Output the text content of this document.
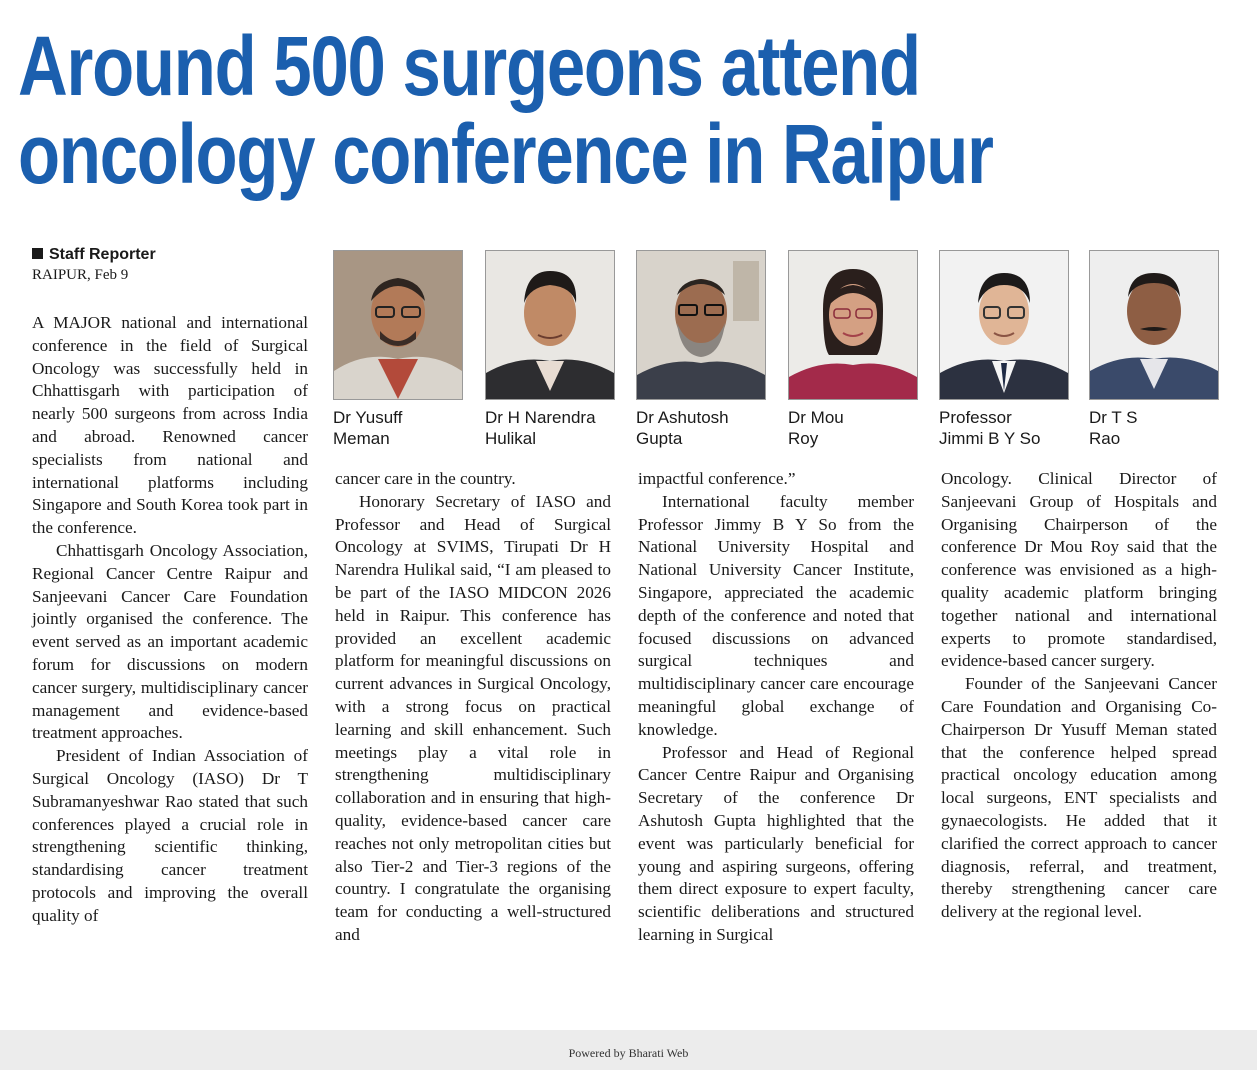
Around 500 surgeons attend
oncology conference in Raipur
Staff Reporter
RAIPUR, Feb 9
Dr Yusuff
Meman
Dr H Narendra
Hulikal
Dr Ashutosh
Gupta
Dr Mou
Roy
Professor
Jimmi B Y So
Dr T S
Rao

A MAJOR national and international conference in the field of Surgical Oncology was successfully held in Chhattisgarh with participation of nearly 500 surgeons from across India and abroad. Renowned cancer specialists from national and international platforms including Singapore and South Korea took part in the conference.

Chhattisgarh Oncology Association, Regional Cancer Centre Raipur and Sanjeevani Cancer Care Foundation jointly organised the conference. The event served as an important academic forum for discussions on modern cancer surgery, multidisciplinary cancer management and evidence-based treatment approaches.

President of Indian Association of Surgical Oncology (IASO) Dr T Subramanyeshwar Rao stated that such conferences played a crucial role in strengthening scientific thinking, standardising cancer treatment protocols and improving the overall quality of

cancer care in the country.

Honorary Secretary of IASO and Professor and Head of Surgical Oncology at SVIMS, Tirupati Dr H Narendra Hulikal said, “I am pleased to be part of the IASO MIDCON 2026 held in Raipur. This conference has provided an excellent academic platform for meaningful discussions on current advances in Surgical Oncology, with a strong focus on practical learning and skill enhancement. Such meetings play a vital role in strengthening multidisciplinary collaboration and in ensuring that high-quality, evidence-based cancer care reaches not only metropolitan cities but also Tier-2 and Tier-3 regions of the country. I congratulate the organising team for conducting a well-structured and

impactful conference.”

International faculty member Professor Jimmy B Y So from the National University Hospital and National University Cancer Institute, Singapore, appreciated the academic depth of the conference and noted that focused discussions on advanced surgical techniques and multidisciplinary cancer care encourage meaningful global exchange of knowledge.

Professor and Head of Regional Cancer Centre Raipur and Organising Secretary of the conference Dr Ashutosh Gupta highlighted that the event was particularly beneficial for young and aspiring surgeons, offering them direct exposure to expert faculty, scientific deliberations and structured learning in Surgical

Oncology. Clinical Director of Sanjeevani Group of Hospitals and Organising Chairperson of the conference Dr Mou Roy said that the conference was envisioned as a high-quality academic platform bringing together national and international experts to promote standardised, evidence-based cancer surgery.

Founder of the Sanjeevani Cancer Care Foundation and Organising Co-Chairperson Dr Yusuff Meman stated that the conference helped spread practical oncology education among local surgeons, ENT specialists and gynaecologists. He added that it clarified the correct approach to cancer diagnosis, referral, and treatment, thereby strengthening cancer care delivery at the regional level.

Powered by Bharati Web
